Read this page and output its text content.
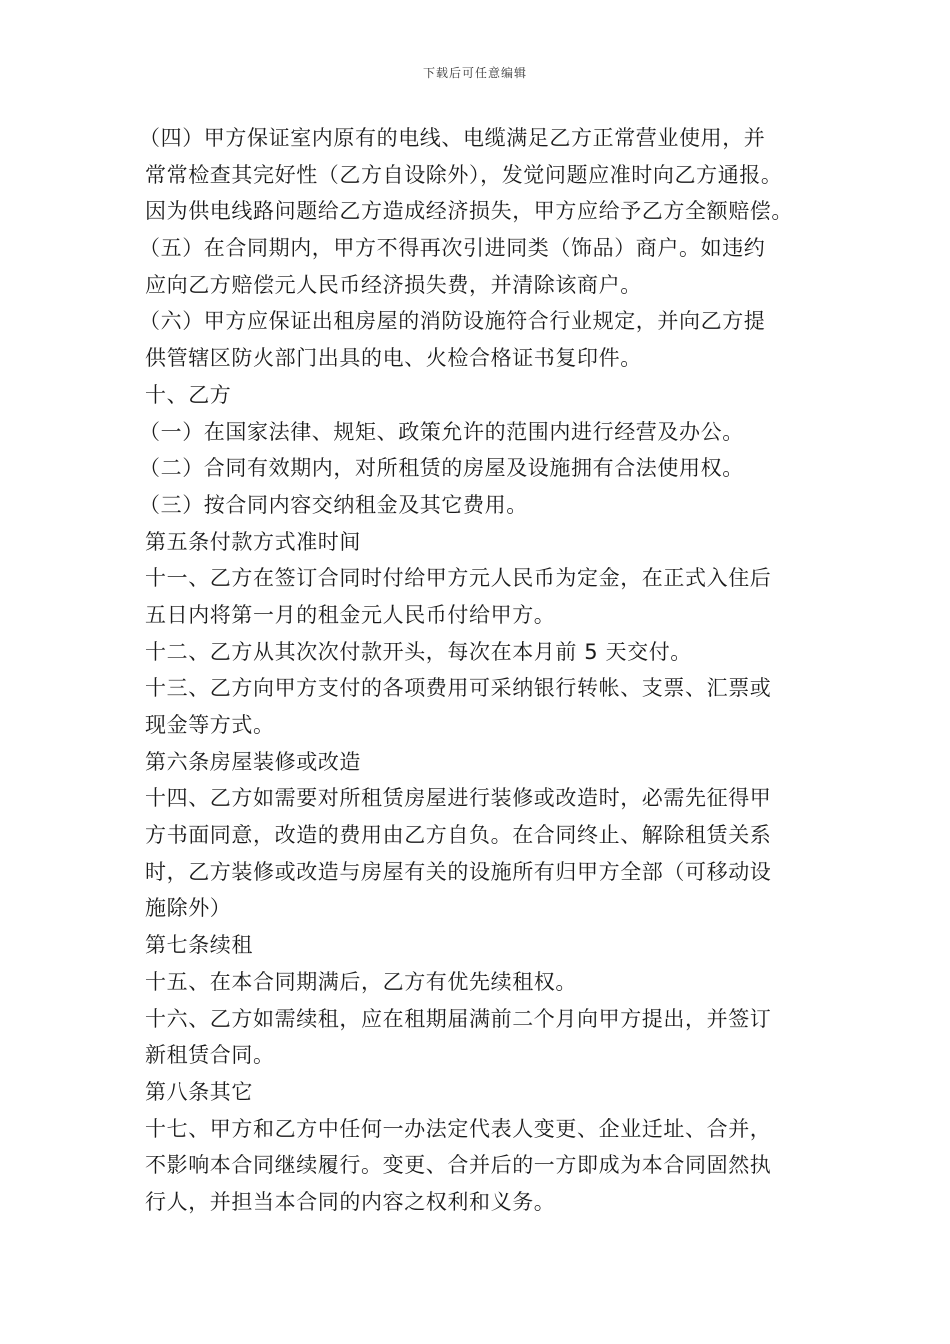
下载后可任意编辑
（四）甲方保证室内原有的电线、电缆满足乙方正常营业使用，并
常常检查其完好性（乙方自设除外），发觉问题应准时向乙方通报。
因为供电线路问题给乙方造成经济损失，甲方应给予乙方全额赔偿。
（五）在合同期内，甲方不得再次引进同类（饰品）商户。如违约
应向乙方赔偿元人民币经济损失费，并清除该商户。
（六）甲方应保证出租房屋的消防设施符合行业规定，并向乙方提
供管辖区防火部门出具的电、火检合格证书复印件。
十、乙方
（一）在国家法律、规矩、政策允许的范围内进行经营及办公。
（二）合同有效期内，对所租赁的房屋及设施拥有合法使用权。
（三）按合同内容交纳租金及其它费用。
第五条付款方式准时间
十一、乙方在签订合同时付给甲方元人民币为定金，在正式入住后
五日内将第一月的租金元人民币付给甲方。
十二、乙方从其次次付款开头，每次在本月前 5 天交付。
十三、乙方向甲方支付的各项费用可采纳银行转帐、支票、汇票或
现金等方式。
第六条房屋装修或改造
十四、乙方如需要对所租赁房屋进行装修或改造时，必需先征得甲
方书面同意，改造的费用由乙方自负。在合同终止、解除租赁关系
时，乙方装修或改造与房屋有关的设施所有归甲方全部（可移动设
施除外）
第七条续租
十五、在本合同期满后，乙方有优先续租权。
十六、乙方如需续租，应在租期届满前二个月向甲方提出，并签订
新租赁合同。
第八条其它
十七、甲方和乙方中任何一办法定代表人变更、企业迁址、合并，
不影响本合同继续履行。变更、合并后的一方即成为本合同固然执
行人，并担当本合同的内容之权利和义务。
